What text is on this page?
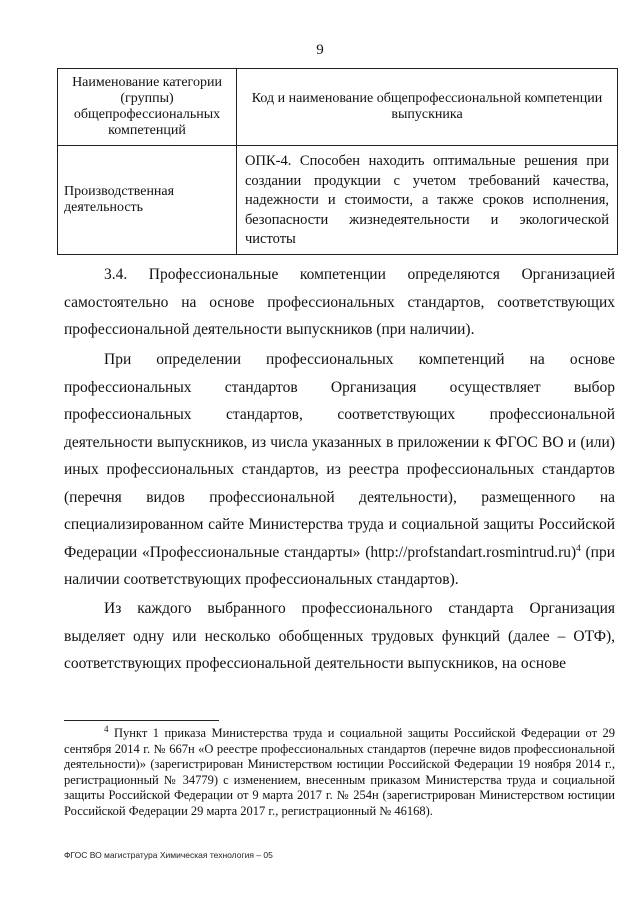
9
Наименование категории (группы) общепрофессиональных компетенций	Код и наименование общепрофессиональной компетенции выпускника
Производственная деятельность	ОПК-4. Способен находить оптимальные решения при создании продукции с учетом требований качества, надежности и стоимости, а также сроков исполнения, безопасности жизнедеятельности и экологической чистоты

3.4. Профессиональные компетенции определяются Организацией самостоятельно на основе профессиональных стандартов, соответствующих профессиональной деятельности выпускников (при наличии).

При определении профессиональных компетенций на основе профессиональных стандартов Организация осуществляет выбор профессиональных стандартов, соответствующих профессиональной деятельности выпускников, из числа указанных в приложении к ФГОС ВО и (или) иных профессиональных стандартов, из реестра профессиональных стандартов (перечня видов профессиональной деятельности), размещенного на специализированном сайте Министерства труда и социальной защиты Российской Федерации «Профессиональные стандарты» (http://profstandart.rosmintrud.ru)$^4$ (при наличии соответствующих профессиональных стандартов).

Из каждого выбранного профессионального стандарта Организация выделяет одну или несколько обобщенных трудовых функций (далее – ОТФ), соответствующих профессиональной деятельности выпускников, на основе

$^4$ Пункт 1 приказа Министерства труда и социальной защиты Российской Федерации от 29 сентября 2014 г. № 667н «О реестре профессиональных стандартов (перечне видов профессиональной деятельности)» (зарегистрирован Министерством юстиции Российской Федерации 19 ноября 2014 г., регистрационный № 34779) с изменением, внесенным приказом Министерства труда и социальной защиты Российской Федерации от 9 марта 2017 г. № 254н (зарегистрирован Министерством юстиции Российской Федерации 29 марта 2017 г., регистрационный № 46168).
ФГОС ВО магистратура Химическая технология – 05
